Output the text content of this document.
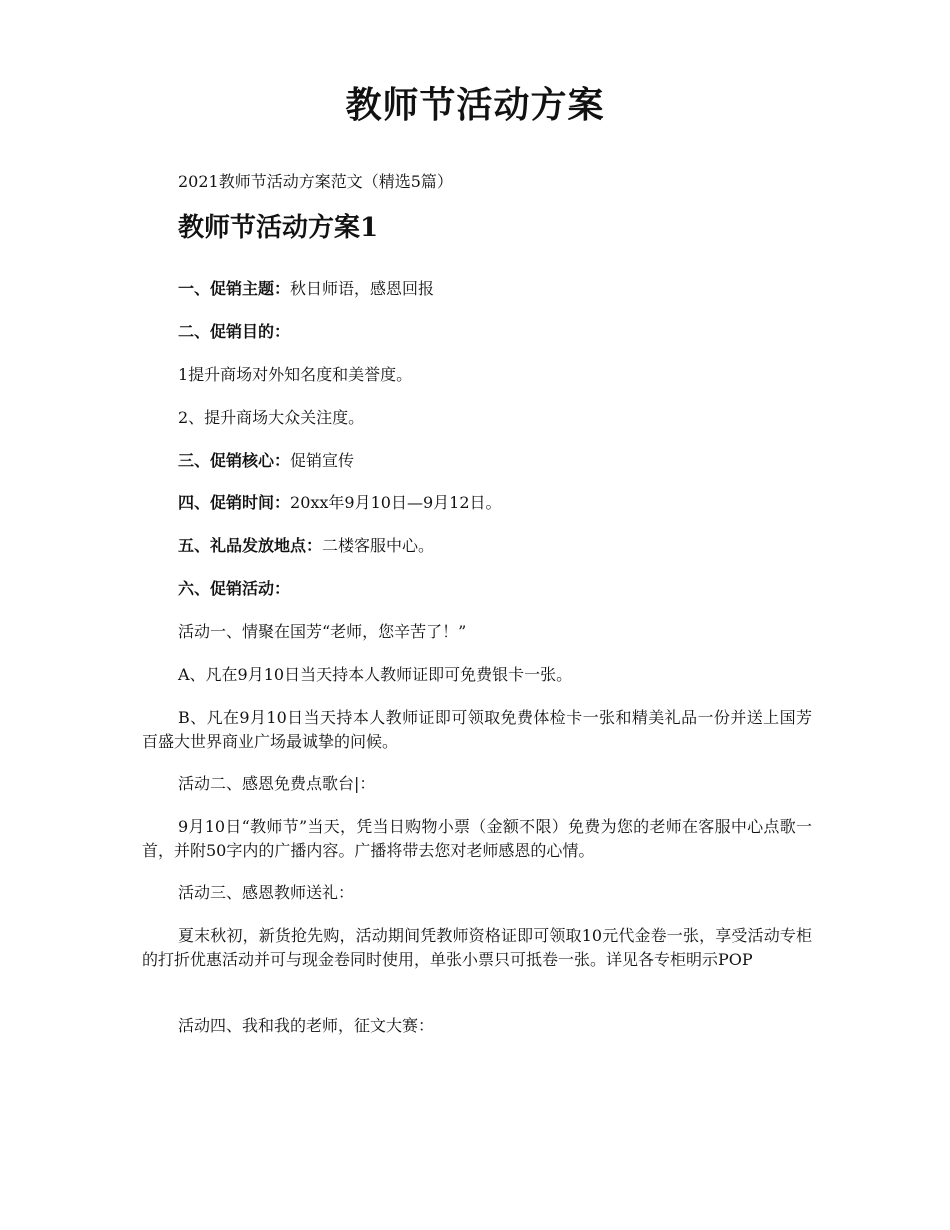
教师节活动方案

2021教师节活动方案范文（精选5篇）

教师节活动方案1

一、促销主题：秋日师语，感恩回报

二、促销目的：

1提升商场对外知名度和美誉度。

2、提升商场大众关注度。

三、促销核心：促销宣传

四、促销时间：20xx年9月10日—9月12日。

五、礼品发放地点：二楼客服中心。

六、促销活动：

活动一、情聚在国芳“老师，您辛苦了！”

A、凡在9月10日当天持本人教师证即可免费银卡一张。

B、凡在9月10日当天持本人教师证即可领取免费体检卡一张和精美礼品一份并送上国芳百盛大世界商业广场最诚挚的问候。

活动二、感恩免费点歌台|：

9月10日“教师节”当天，凭当日购物小票（金额不限）免费为您的老师在客服中心点歌一首，并附50字内的广播内容。广播将带去您对老师感恩的心情。

活动三、感恩教师送礼：

夏末秋初，新货抢先购，活动期间凭教师资格证即可领取10元代金卷一张，享受活动专柜的打折优惠活动并可与现金卷同时使用，单张小票只可抵卷一张。详见各专柜明示POP

活动四、我和我的老师，征文大赛：
